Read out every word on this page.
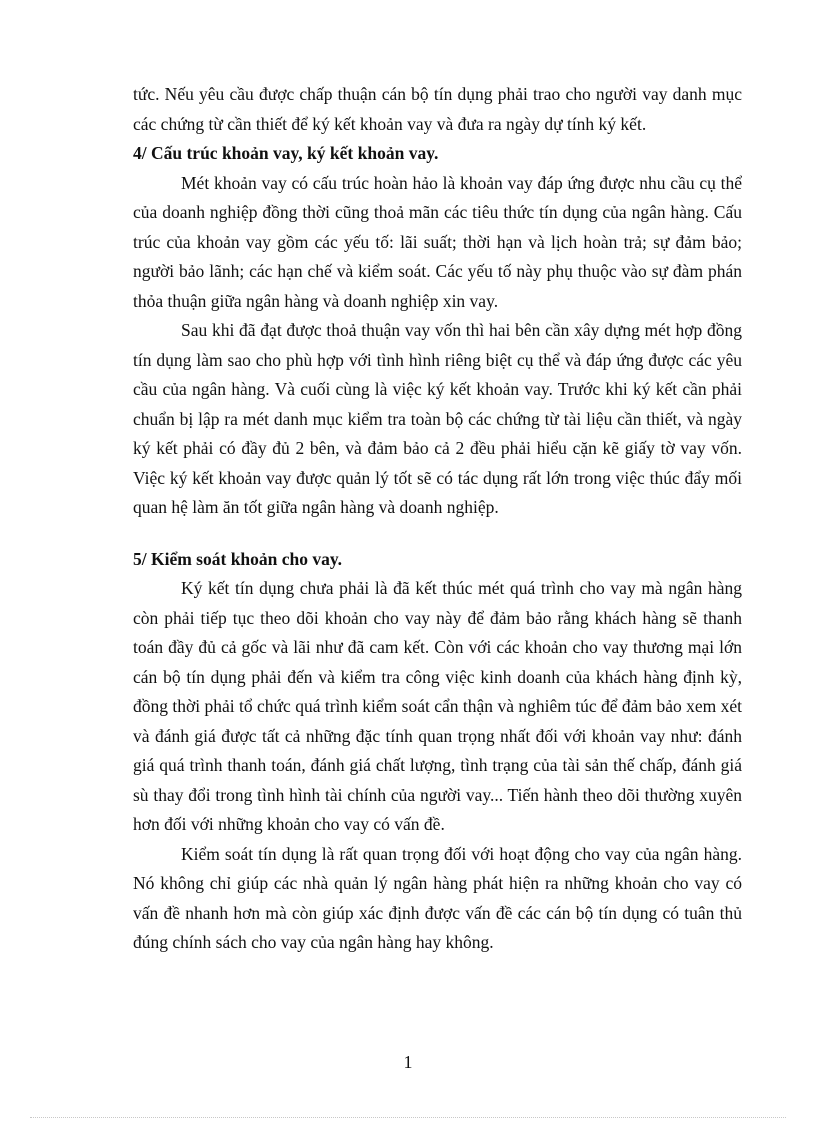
tức. Nếu yêu cầu được chấp thuận cán bộ tín dụng phải trao cho người vay danh mục các chứng từ cần thiết để ký kết khoản vay và đưa ra ngày dự tính ký kết.

4/ Cấu trúc khoản vay, ký kết khoản vay.

Mét khoản vay có cấu trúc hoàn hảo là khoản vay đáp ứng được nhu cầu cụ thể của doanh nghiệp đồng thời cũng thoả mãn các tiêu thức tín dụng của ngân hàng. Cấu trúc của khoản vay gồm các yếu tố: lãi suất; thời hạn và lịch hoàn trả; sự đảm bảo; người bảo lãnh; các hạn chế và kiểm soát. Các yếu tố này phụ thuộc vào sự đàm phán thỏa thuận giữa ngân hàng và doanh nghiệp xin vay.

Sau khi đã đạt được thoả thuận vay vốn thì hai bên cần xây dựng mét hợp đồng tín dụng làm sao cho phù hợp với tình hình riêng biệt cụ thể và đáp ứng được các yêu cầu của ngân hàng. Và cuối cùng là việc ký kết khoản vay. Trước khi ký kết cần phải chuẩn bị lập ra mét danh mục kiểm tra toàn bộ các chứng từ tài liệu cần thiết, và ngày ký kết phải có đầy đủ 2 bên, và đảm bảo cả 2 đều phải hiểu cặn kẽ giấy tờ vay vốn. Việc ký kết khoản vay được quản lý tốt sẽ có tác dụng rất lớn trong việc thúc đẩy mối quan hệ làm ăn tốt giữa ngân hàng và doanh nghiệp.

5/ Kiểm soát khoản cho vay.

Ký kết tín dụng chưa phải là đã kết thúc mét quá trình cho vay mà ngân hàng còn phải tiếp tục theo dõi khoản cho vay này để đảm bảo rằng khách hàng sẽ thanh toán đầy đủ cả gốc và lãi như đã cam kết. Còn với các khoản cho vay thương mại lớn cán bộ tín dụng phải đến và kiểm tra công việc kinh doanh của khách hàng định kỳ, đồng thời phải tổ chức quá trình kiểm soát cẩn thận và nghiêm túc để đảm bảo xem xét và đánh giá được tất cả những đặc tính quan trọng nhất đối với khoản vay như: đánh giá quá trình thanh toán, đánh giá chất lượng, tình trạng của tài sản thế chấp, đánh giá sù thay đổi trong tình hình tài chính của người vay... Tiến hành theo dõi thường xuyên hơn đối với những khoản cho vay có vấn đề.

Kiểm soát tín dụng là rất quan trọng đối với hoạt động cho vay của ngân hàng. Nó không chỉ giúp các nhà quản lý ngân hàng phát hiện ra những khoản cho vay có vấn đề nhanh hơn mà còn giúp xác định được vấn đề các cán bộ tín dụng có tuân thủ đúng chính sách cho vay của ngân hàng hay không.

1
